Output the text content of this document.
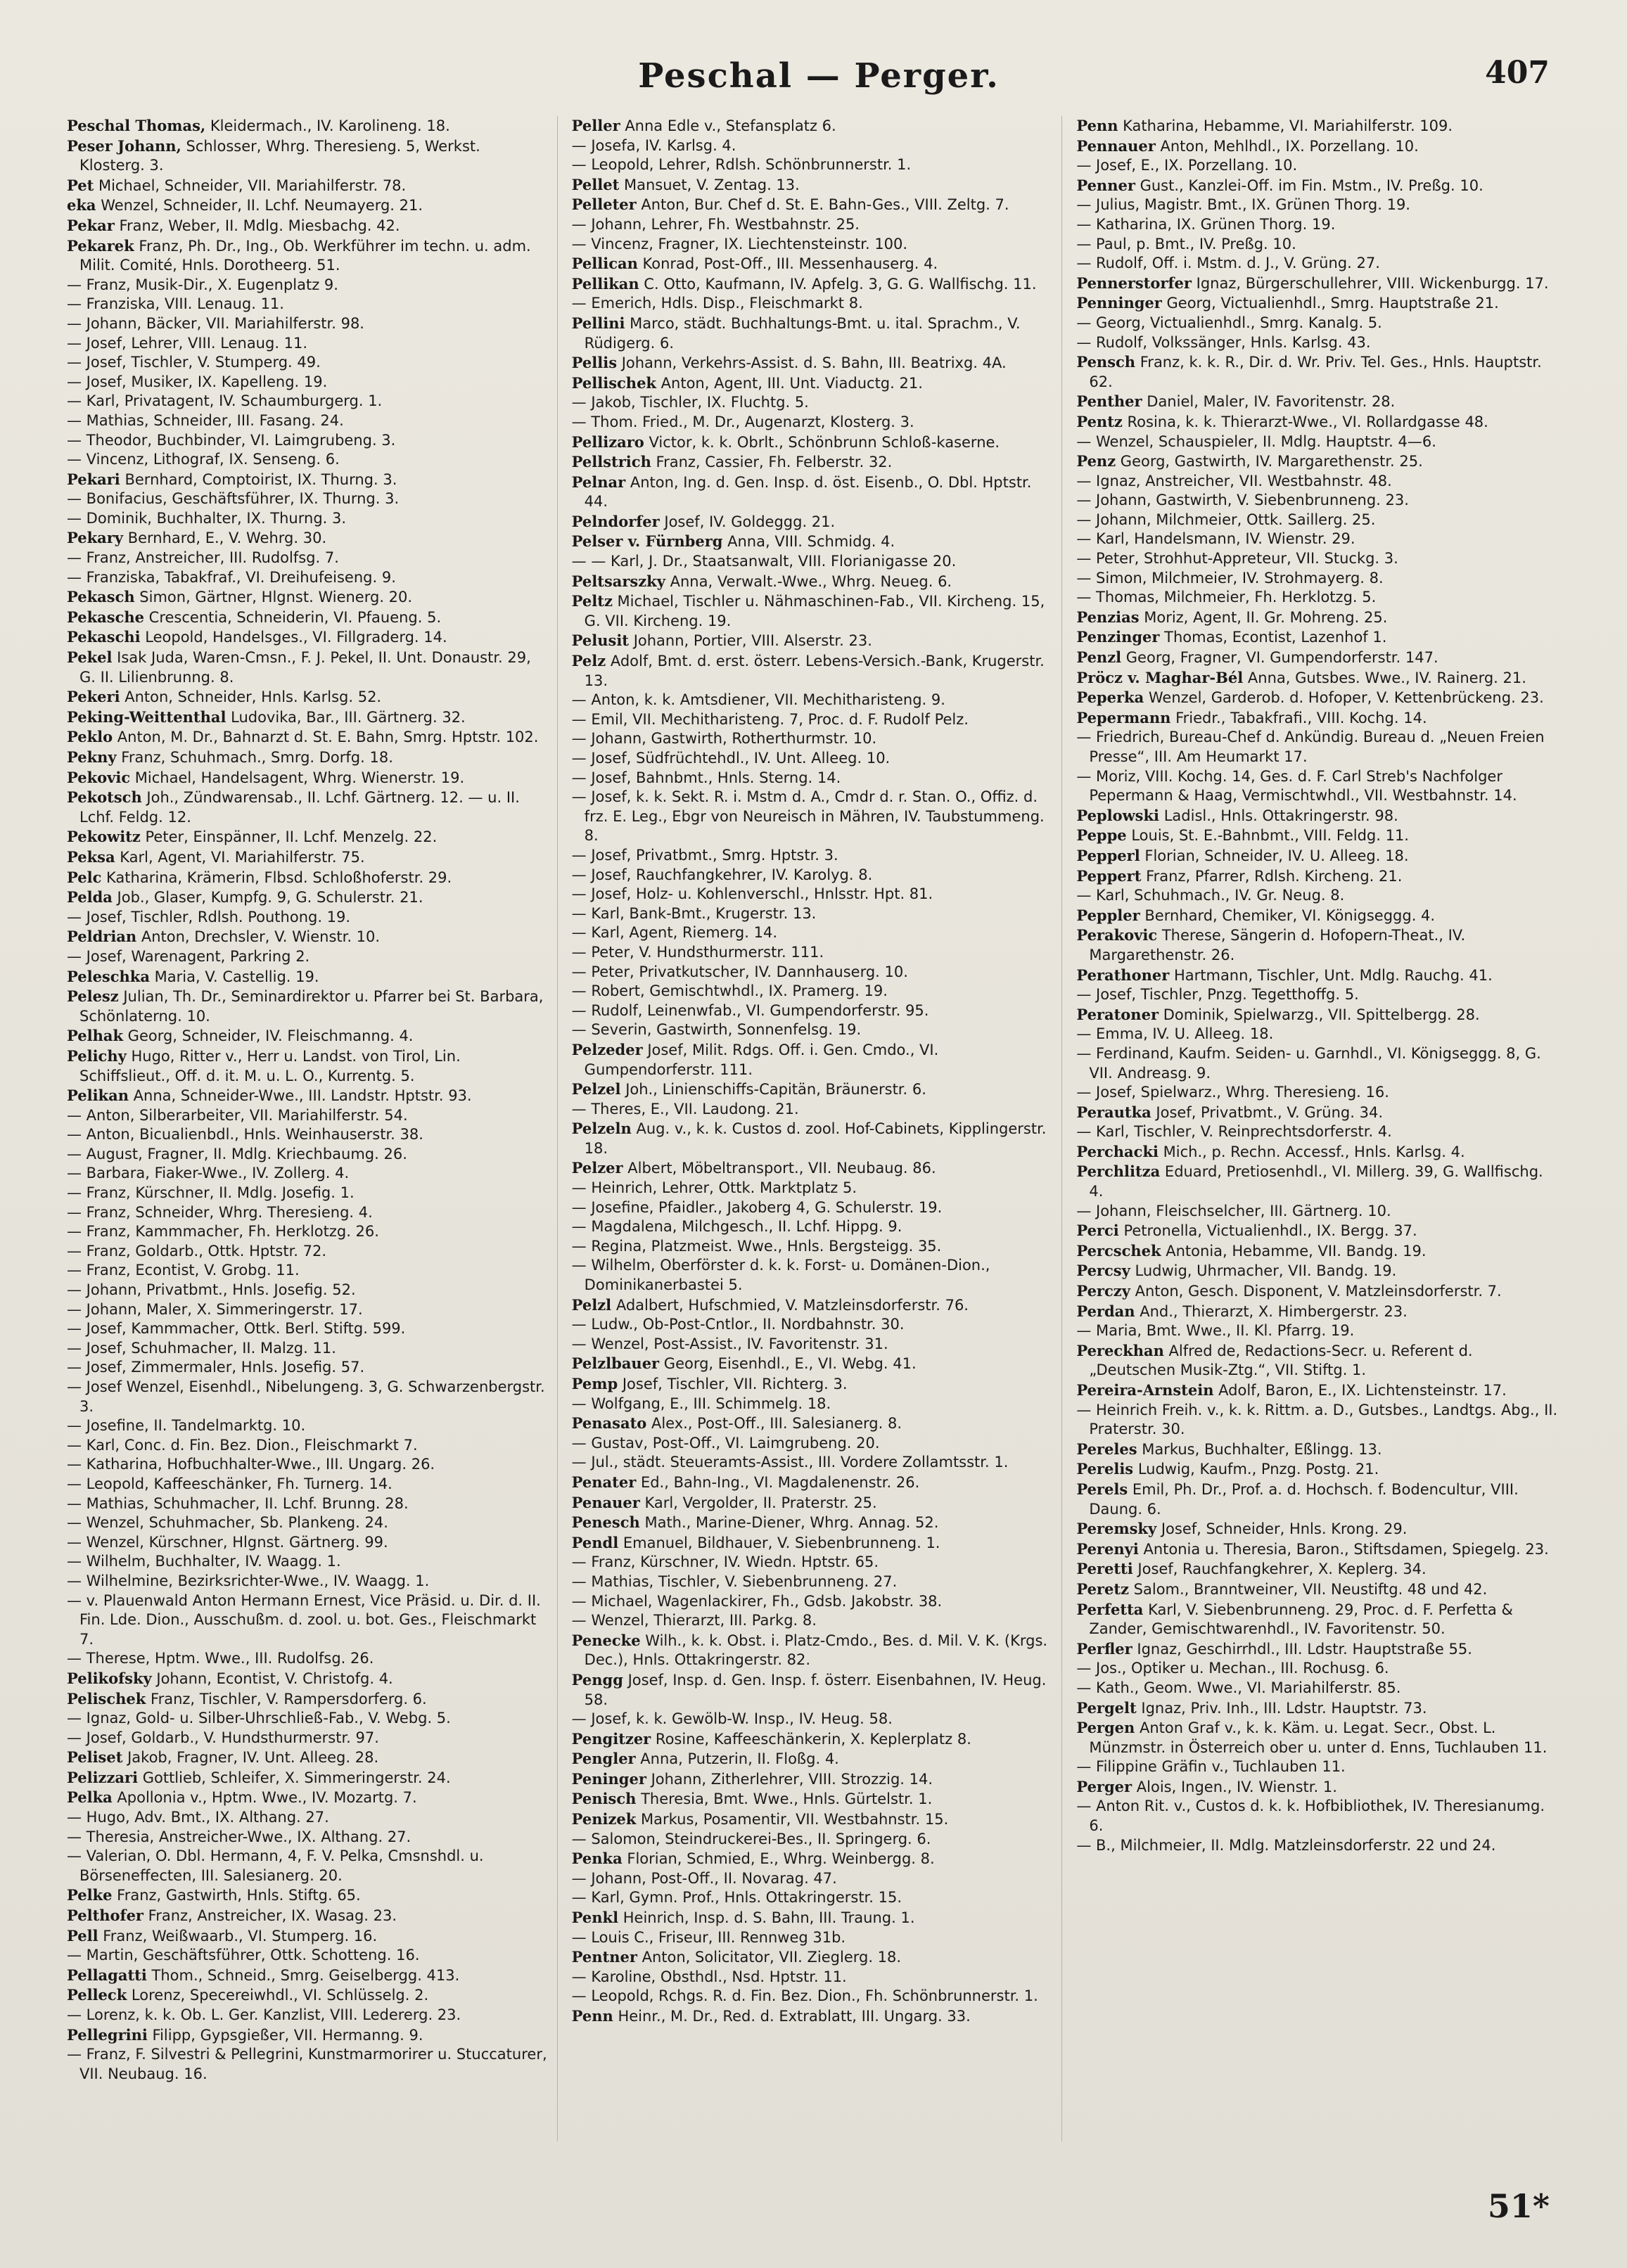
Peschal — Perger.	407

Peschal Thomas, Kleidermach., IV. Karolineng. 18.

Peser Johann, Schlosser, Whrg. Theresieng. 5, Werkst. Klosterg. 3.

Pet Michael, Schneider, VII. Mariahilferstr. 78.

eka Wenzel, Schneider, II. Lchf. Neumayerg. 21.

Pekar Franz, Weber, II. Mdlg. Miesbachg. 42.

Pekarek Franz, Ph. Dr., Ing., Ob. Werkführer im techn. u. adm. Milit. Comité, Hnls. Dorotheerg. 51.

— Franz, Musik-Dir., X. Eugenplatz 9.

— Franziska, VIII. Lenaug. 11.

— Johann, Bäcker, VII. Mariahilferstr. 98.

— Josef, Lehrer, VIII. Lenaug. 11.

— Josef, Tischler, V. Stumperg. 49.

— Josef, Musiker, IX. Kapelleng. 19.

— Karl, Privatagent, IV. Schaumburgerg. 1.

— Mathias, Schneider, III. Fasang. 24.

— Theodor, Buchbinder, VI. Laimgrubeng. 3.

— Vincenz, Lithograf, IX. Senseng. 6.

Pekari Bernhard, Comptoirist, IX. Thurng. 3.

— Bonifacius, Geschäftsführer, IX. Thurng. 3.

— Dominik, Buchhalter, IX. Thurng. 3.

Pekary Bernhard, E., V. Wehrg. 30.

— Franz, Anstreicher, III. Rudolfsg. 7.

— Franziska, Tabakfraf., VI. Dreihufeiseng. 9.

Pekasch Simon, Gärtner, Hlgnst. Wienerg. 20.

Pekasche Crescentia, Schneiderin, VI. Pfaueng. 5.

Pekaschi Leopold, Handelsges., VI. Fillgraderg. 14.

Pekel Isak Juda, Waren-Cmsn., F. J. Pekel, II. Unt. Donaustr. 29, G. II. Lilienbrunng. 8.

Pekeri Anton, Schneider, Hnls. Karlsg. 52.

Peking-Weittenthal Ludovika, Bar., III. Gärtnerg. 32.

Peklo Anton, M. Dr., Bahnarzt d. St. E. Bahn, Smrg. Hptstr. 102.

Pekny Franz, Schuhmach., Smrg. Dorfg. 18.

Pekovic Michael, Handelsagent, Whrg. Wienerstr. 19.

Pekotsch Joh., Zündwarensab., II. Lchf. Gärtnerg. 12. — u. II. Lchf. Feldg. 12.

Pekowitz Peter, Einspänner, II. Lchf. Menzelg. 22.

Peksa Karl, Agent, VI. Mariahilferstr. 75.

Pelc Katharina, Krämerin, Flbsd. Schloßhoferstr. 29.

Pelda Job., Glaser, Kumpfg. 9, G. Schulerstr. 21.

— Josef, Tischler, Rdlsh. Pouthong. 19.

Peldrian Anton, Drechsler, V. Wienstr. 10.

— Josef, Warenagent, Parkring 2.

Peleschka Maria, V. Castellig. 19.

Pelesz Julian, Th. Dr., Seminardirektor u. Pfarrer bei St. Barbara, Schönlaterng. 10.

Pelhak Georg, Schneider, IV. Fleischmanng. 4.

Pelichy Hugo, Ritter v., Herr u. Landst. von Tirol, Lin. Schiffslieut., Off. d. it. M. u. L. O., Kurrentg. 5.

Pelikan Anna, Schneider-Wwe., III. Landstr. Hptstr. 93.

— Anton, Silberarbeiter, VII. Mariahilferstr. 54.

— Anton, Bicualienbdl., Hnls. Weinhauserstr. 38.

— August, Fragner, II. Mdlg. Kriechbaumg. 26.

— Barbara, Fiaker-Wwe., IV. Zollerg. 4.

— Franz, Kürschner, II. Mdlg. Josefig. 1.

— Franz, Schneider, Whrg. Theresieng. 4.

— Franz, Kammmacher, Fh. Herklotzg. 26.

— Franz, Goldarb., Ottk. Hptstr. 72.

— Franz, Econtist, V. Grobg. 11.

— Johann, Privatbmt., Hnls. Josefig. 52.

— Johann, Maler, X. Simmeringerstr. 17.

— Josef, Kammmacher, Ottk. Berl. Stiftg. 599.

— Josef, Schuhmacher, II. Malzg. 11.

— Josef, Zimmermaler, Hnls. Josefig. 57.

— Josef Wenzel, Eisenhdl., Nibelungeng. 3, G. Schwarzenbergstr. 3.

— Josefine, II. Tandelmarktg. 10.

— Karl, Conc. d. Fin. Bez. Dion., Fleischmarkt 7.

— Katharina, Hofbuchhalter-Wwe., III. Ungarg. 26.

— Leopold, Kaffeeschänker, Fh. Turnerg. 14.

— Mathias, Schuhmacher, II. Lchf. Brunng. 28.

— Wenzel, Schuhmacher, Sb. Plankeng. 24.

— Wenzel, Kürschner, Hlgnst. Gärtnerg. 99.

— Wilhelm, Buchhalter, IV. Waagg. 1.

— Wilhelmine, Bezirksrichter-Wwe., IV. Waagg. 1.

— v. Plauenwald Anton Hermann Ernest, Vice Präsid. u. Dir. d. II. Fin. Lde. Dion., Ausschußm. d. zool. u. bot. Ges., Fleischmarkt 7.

— Therese, Hptm. Wwe., III. Rudolfsg. 26.

Pelikofsky Johann, Econtist, V. Christofg. 4.

Pelischek Franz, Tischler, V. Rampersdorferg. 6.

— Ignaz, Gold- u. Silber-Uhrschließ-Fab., V. Webg. 5.

— Josef, Goldarb., V. Hundsthurmerstr. 97.

Peliset Jakob, Fragner, IV. Unt. Alleeg. 28.

Pelizzari Gottlieb, Schleifer, X. Simmeringerstr. 24.

Pelka Apollonia v., Hptm. Wwe., IV. Mozartg. 7.

— Hugo, Adv. Bmt., IX. Althang. 27.

— Theresia, Anstreicher-Wwe., IX. Althang. 27.

— Valerian, O. Dbl. Hermann, 4, F. V. Pelka, Cmsnshdl. u. Börseneffecten, III. Salesianerg. 20.

Pelke Franz, Gastwirth, Hnls. Stiftg. 65.

Pelthofer Franz, Anstreicher, IX. Wasag. 23.

Pell Franz, Weißwaarb., VI. Stumperg. 16.

— Martin, Geschäftsführer, Ottk. Schotteng. 16.

Pellagatti Thom., Schneid., Smrg. Geiselbergg. 413.

Pelleck Lorenz, Specereiwhdl., VI. Schlüsselg. 2.

— Lorenz, k. k. Ob. L. Ger. Kanzlist, VIII. Ledererg. 23.

Pellegrini Filipp, Gypsgießer, VII. Hermanng. 9.

— Franz, F. Silvestri & Pellegrini, Kunstmarmorirer u. Stuccaturer, VII. Neubaug. 16.

Peller Anna Edle v., Stefansplatz 6.

— Josefa, IV. Karlsg. 4.

— Leopold, Lehrer, Rdlsh. Schönbrunnerstr. 1.

Pellet Mansuet, V. Zentag. 13.

Pelleter Anton, Bur. Chef d. St. E. Bahn-Ges., VIII. Zeltg. 7.

— Johann, Lehrer, Fh. Westbahnstr. 25.

— Vincenz, Fragner, IX. Liechtensteinstr. 100.

Pellican Konrad, Post-Off., III. Messenhauserg. 4.

Pellikan C. Otto, Kaufmann, IV. Apfelg. 3, G. G. Wallfischg. 11.

— Emerich, Hdls. Disp., Fleischmarkt 8.

Pellini Marco, städt. Buchhaltungs-Bmt. u. ital. Sprachm., V. Rüdigerg. 6.

Pellis Johann, Verkehrs-Assist. d. S. Bahn, III. Beatrixg. 4A.

Pellischek Anton, Agent, III. Unt. Viaductg. 21.

— Jakob, Tischler, IX. Fluchtg. 5.

— Thom. Fried., M. Dr., Augenarzt, Klosterg. 3.

Pellizaro Victor, k. k. Obrlt., Schönbrunn Schloß-kaserne.

Pellstrich Franz, Cassier, Fh. Felberstr. 32.

Pelnar Anton, Ing. d. Gen. Insp. d. öst. Eisenb., O. Dbl. Hptstr. 44.

Pelndorfer Josef, IV. Goldeggg. 21.

Pelser v. Fürnberg Anna, VIII. Schmidg. 4.

— — Karl, J. Dr., Staatsanwalt, VIII. Florianigasse 20.

Peltsarszky Anna, Verwalt.-Wwe., Whrg. Neueg. 6.

Peltz Michael, Tischler u. Nähmaschinen-Fab., VII. Kircheng. 15, G. VII. Kircheng. 19.

Pelusit Johann, Portier, VIII. Alserstr. 23.

Pelz Adolf, Bmt. d. erst. österr. Lebens-Versich.-Bank, Krugerstr. 13.

— Anton, k. k. Amtsdiener, VII. Mechitharisteng. 9.

— Emil, VII. Mechitharisteng. 7, Proc. d. F. Rudolf Pelz.

— Johann, Gastwirth, Rotherthurmstr. 10.

— Josef, Südfrüchtehdl., IV. Unt. Alleeg. 10.

— Josef, Bahnbmt., Hnls. Sterng. 14.

— Josef, k. k. Sekt. R. i. Mstm d. A., Cmdr d. r. Stan. O., Offiz. d. frz. E. Leg., Ebgr von Neureisch in Mähren, IV. Taubstummeng. 8.

— Josef, Privatbmt., Smrg. Hptstr. 3.

— Josef, Rauchfangkehrer, IV. Karolyg. 8.

— Josef, Holz- u. Kohlenverschl., Hnlsstr. Hpt. 81.

— Karl, Bank-Bmt., Krugerstr. 13.

— Karl, Agent, Riemerg. 14.

— Peter, V. Hundsthurmerstr. 111.

— Peter, Privatkutscher, IV. Dannhauserg. 10.

— Robert, Gemischtwhdl., IX. Pramerg. 19.

— Rudolf, Leinenwfab., VI. Gumpendorferstr. 95.

— Severin, Gastwirth, Sonnenfelsg. 19.

Pelzeder Josef, Milit. Rdgs. Off. i. Gen. Cmdo., VI. Gumpendorferstr. 111.

Pelzel Joh., Linienschiffs-Capitän, Bräunerstr. 6.

— Theres, E., VII. Laudong. 21.

Pelzeln Aug. v., k. k. Custos d. zool. Hof-Cabinets, Kipplingerstr. 18.

Pelzer Albert, Möbeltransport., VII. Neubaug. 86.

— Heinrich, Lehrer, Ottk. Marktplatz 5.

— Josefine, Pfaidler., Jakoberg 4, G. Schulerstr. 19.

— Magdalena, Milchgesch., II. Lchf. Hippg. 9.

— Regina, Platzmeist. Wwe., Hnls. Bergsteigg. 35.

— Wilhelm, Oberförster d. k. k. Forst- u. Domänen-Dion., Dominikanerbastei 5.

Pelzl Adalbert, Hufschmied, V. Matzleinsdorferstr. 76.

— Ludw., Ob-Post-Cntlor., II. Nordbahnstr. 30.

— Wenzel, Post-Assist., IV. Favoritenstr. 31.

Pelzlbauer Georg, Eisenhdl., E., VI. Webg. 41.

Pemp Josef, Tischler, VII. Richterg. 3.

— Wolfgang, E., III. Schimmelg. 18.

Penasato Alex., Post-Off., III. Salesianerg. 8.

— Gustav, Post-Off., VI. Laimgrubeng. 20.

— Jul., städt. Steueramts-Assist., III. Vordere Zollamtsstr. 1.

Penater Ed., Bahn-Ing., VI. Magdalenenstr. 26.

Penauer Karl, Vergolder, II. Praterstr. 25.

Penesch Math., Marine-Diener, Whrg. Annag. 52.

Pendl Emanuel, Bildhauer, V. Siebenbrunneng. 1.

— Franz, Kürschner, IV. Wiedn. Hptstr. 65.

— Mathias, Tischler, V. Siebenbrunneng. 27.

— Michael, Wagenlackirer, Fh., Gdsb. Jakobstr. 38.

— Wenzel, Thierarzt, III. Parkg. 8.

Penecke Wilh., k. k. Obst. i. Platz-Cmdo., Bes. d. Mil. V. K. (Krgs. Dec.), Hnls. Ottakringerstr. 82.

Pengg Josef, Insp. d. Gen. Insp. f. österr. Eisenbahnen, IV. Heug. 58.

— Josef, k. k. Gewölb-W. Insp., IV. Heug. 58.

Pengitzer Rosine, Kaffeeschänkerin, X. Keplerplatz 8.

Pengler Anna, Putzerin, II. Floßg. 4.

Peninger Johann, Zitherlehrer, VIII. Strozzig. 14.

Penisch Theresia, Bmt. Wwe., Hnls. Gürtelstr. 1.

Penizek Markus, Posamentir, VII. Westbahnstr. 15.

— Salomon, Steindruckerei-Bes., II. Springerg. 6.

Penka Florian, Schmied, E., Whrg. Weinbergg. 8.

— Johann, Post-Off., II. Novarag. 47.

— Karl, Gymn. Prof., Hnls. Ottakringerstr. 15.

Penkl Heinrich, Insp. d. S. Bahn, III. Traung. 1.

— Louis C., Friseur, III. Rennweg 31b.

Pentner Anton, Solicitator, VII. Zieglerg. 18.

— Karoline, Obsthdl., Nsd. Hptstr. 11.

— Leopold, Rchgs. R. d. Fin. Bez. Dion., Fh. Schönbrunnerstr. 1.

Penn Heinr., M. Dr., Red. d. Extrablatt, III. Ungarg. 33.

Penn Katharina, Hebamme, VI. Mariahilferstr. 109.

Pennauer Anton, Mehlhdl., IX. Porzellang. 10.

— Josef, E., IX. Porzellang. 10.

Penner Gust., Kanzlei-Off. im Fin. Mstm., IV. Preßg. 10.

— Julius, Magistr. Bmt., IX. Grünen Thorg. 19.

— Katharina, IX. Grünen Thorg. 19.

— Paul, p. Bmt., IV. Preßg. 10.

— Rudolf, Off. i. Mstm. d. J., V. Grüng. 27.

Pennerstorfer Ignaz, Bürgerschullehrer, VIII. Wickenburgg. 17.

Penninger Georg, Victualienhdl., Smrg. Hauptstraße 21.

— Georg, Victualienhdl., Smrg. Kanalg. 5.

— Rudolf, Volkssänger, Hnls. Karlsg. 43.

Pensch Franz, k. k. R., Dir. d. Wr. Priv. Tel. Ges., Hnls. Hauptstr. 62.

Penther Daniel, Maler, IV. Favoritenstr. 28.

Pentz Rosina, k. k. Thierarzt-Wwe., VI. Rollardgasse 48.

— Wenzel, Schauspieler, II. Mdlg. Hauptstr. 4—6.

Penz Georg, Gastwirth, IV. Margarethenstr. 25.

— Ignaz, Anstreicher, VII. Westbahnstr. 48.

— Johann, Gastwirth, V. Siebenbrunneng. 23.

— Johann, Milchmeier, Ottk. Saillerg. 25.

— Karl, Handelsmann, IV. Wienstr. 29.

— Peter, Strohhut-Appreteur, VII. Stuckg. 3.

— Simon, Milchmeier, IV. Strohmayerg. 8.

— Thomas, Milchmeier, Fh. Herklotzg. 5.

Penzias Moriz, Agent, II. Gr. Mohreng. 25.

Penzinger Thomas, Econtist, Lazenhof 1.

Penzl Georg, Fragner, VI. Gumpendorferstr. 147.

Pröcz v. Maghar-Bél Anna, Gutsbes. Wwe., IV. Rainerg. 21.

Peperka Wenzel, Garderob. d. Hofoper, V. Kettenbrückeng. 23.

Pepermann Friedr., Tabakfrafi., VIII. Kochg. 14.

— Friedrich, Bureau-Chef d. Ankündig. Bureau d. „Neuen Freien Presse“, III. Am Heumarkt 17.

— Moriz, VIII. Kochg. 14, Ges. d. F. Carl Streb's Nachfolger Pepermann & Haag, Vermischtwhdl., VII. Westbahnstr. 14.

Peplowski Ladisl., Hnls. Ottakringerstr. 98.

Peppe Louis, St. E.-Bahnbmt., VIII. Feldg. 11.

Pepperl Florian, Schneider, IV. U. Alleeg. 18.

Peppert Franz, Pfarrer, Rdlsh. Kircheng. 21.

— Karl, Schuhmach., IV. Gr. Neug. 8.

Peppler Bernhard, Chemiker, VI. Königseggg. 4.

Perakovic Therese, Sängerin d. Hofopern-Theat., IV. Margarethenstr. 26.

Perathoner Hartmann, Tischler, Unt. Mdlg. Rauchg. 41.

— Josef, Tischler, Pnzg. Tegetthoffg. 5.

Peratoner Dominik, Spielwarzg., VII. Spittelbergg. 28.

— Emma, IV. U. Alleeg. 18.

— Ferdinand, Kaufm. Seiden- u. Garnhdl., VI. Königseggg. 8, G. VII. Andreasg. 9.

— Josef, Spielwarz., Whrg. Theresieng. 16.

Perautka Josef, Privatbmt., V. Grüng. 34.

— Karl, Tischler, V. Reinprechtsdorferstr. 4.

Perchacki Mich., p. Rechn. Accessf., Hnls. Karlsg. 4.

Perchlitza Eduard, Pretiosenhdl., VI. Millerg. 39, G. Wallfischg. 4.

— Johann, Fleischselcher, III. Gärtnerg. 10.

Perci Petronella, Victualienhdl., IX. Bergg. 37.

Percschek Antonia, Hebamme, VII. Bandg. 19.

Percsy Ludwig, Uhrmacher, VII. Bandg. 19.

Perczy Anton, Gesch. Disponent, V. Matzleinsdorferstr. 7.

Perdan And., Thierarzt, X. Himbergerstr. 23.

— Maria, Bmt. Wwe., II. Kl. Pfarrg. 19.

Pereckhan Alfred de, Redactions-Secr. u. Referent d. „Deutschen Musik-Ztg.“, VII. Stiftg. 1.

Pereira-Arnstein Adolf, Baron, E., IX. Lichtensteinstr. 17.

— Heinrich Freih. v., k. k. Rittm. a. D., Gutsbes., Landtgs. Abg., II. Praterstr. 30.

Pereles Markus, Buchhalter, Eßlingg. 13.

Perelis Ludwig, Kaufm., Pnzg. Postg. 21.

Perels Emil, Ph. Dr., Prof. a. d. Hochsch. f. Bodencultur, VIII. Daung. 6.

Peremsky Josef, Schneider, Hnls. Krong. 29.

Perenyi Antonia u. Theresia, Baron., Stiftsdamen, Spiegelg. 23.

Peretti Josef, Rauchfangkehrer, X. Keplerg. 34.

Peretz Salom., Branntweiner, VII. Neustiftg. 48 und 42.

Perfetta Karl, V. Siebenbrunneng. 29, Proc. d. F. Perfetta & Zander, Gemischtwarenhdl., IV. Favoritenstr. 50.

Perfler Ignaz, Geschirrhdl., III. Ldstr. Hauptstraße 55.

— Jos., Optiker u. Mechan., III. Rochusg. 6.

— Kath., Geom. Wwe., VI. Mariahilferstr. 85.

Pergelt Ignaz, Priv. Inh., III. Ldstr. Hauptstr. 73.

Pergen Anton Graf v., k. k. Käm. u. Legat. Secr., Obst. L. Münzmstr. in Österreich ober u. unter d. Enns, Tuchlauben 11.

— Filippine Gräfin v., Tuchlauben 11.

Perger Alois, Ingen., IV. Wienstr. 1.

— Anton Rit. v., Custos d. k. k. Hofbibliothek, IV. Theresianumg. 6.

— B., Milchmeier, II. Mdlg. Matzleinsdorferstr. 22 und 24.

51*
